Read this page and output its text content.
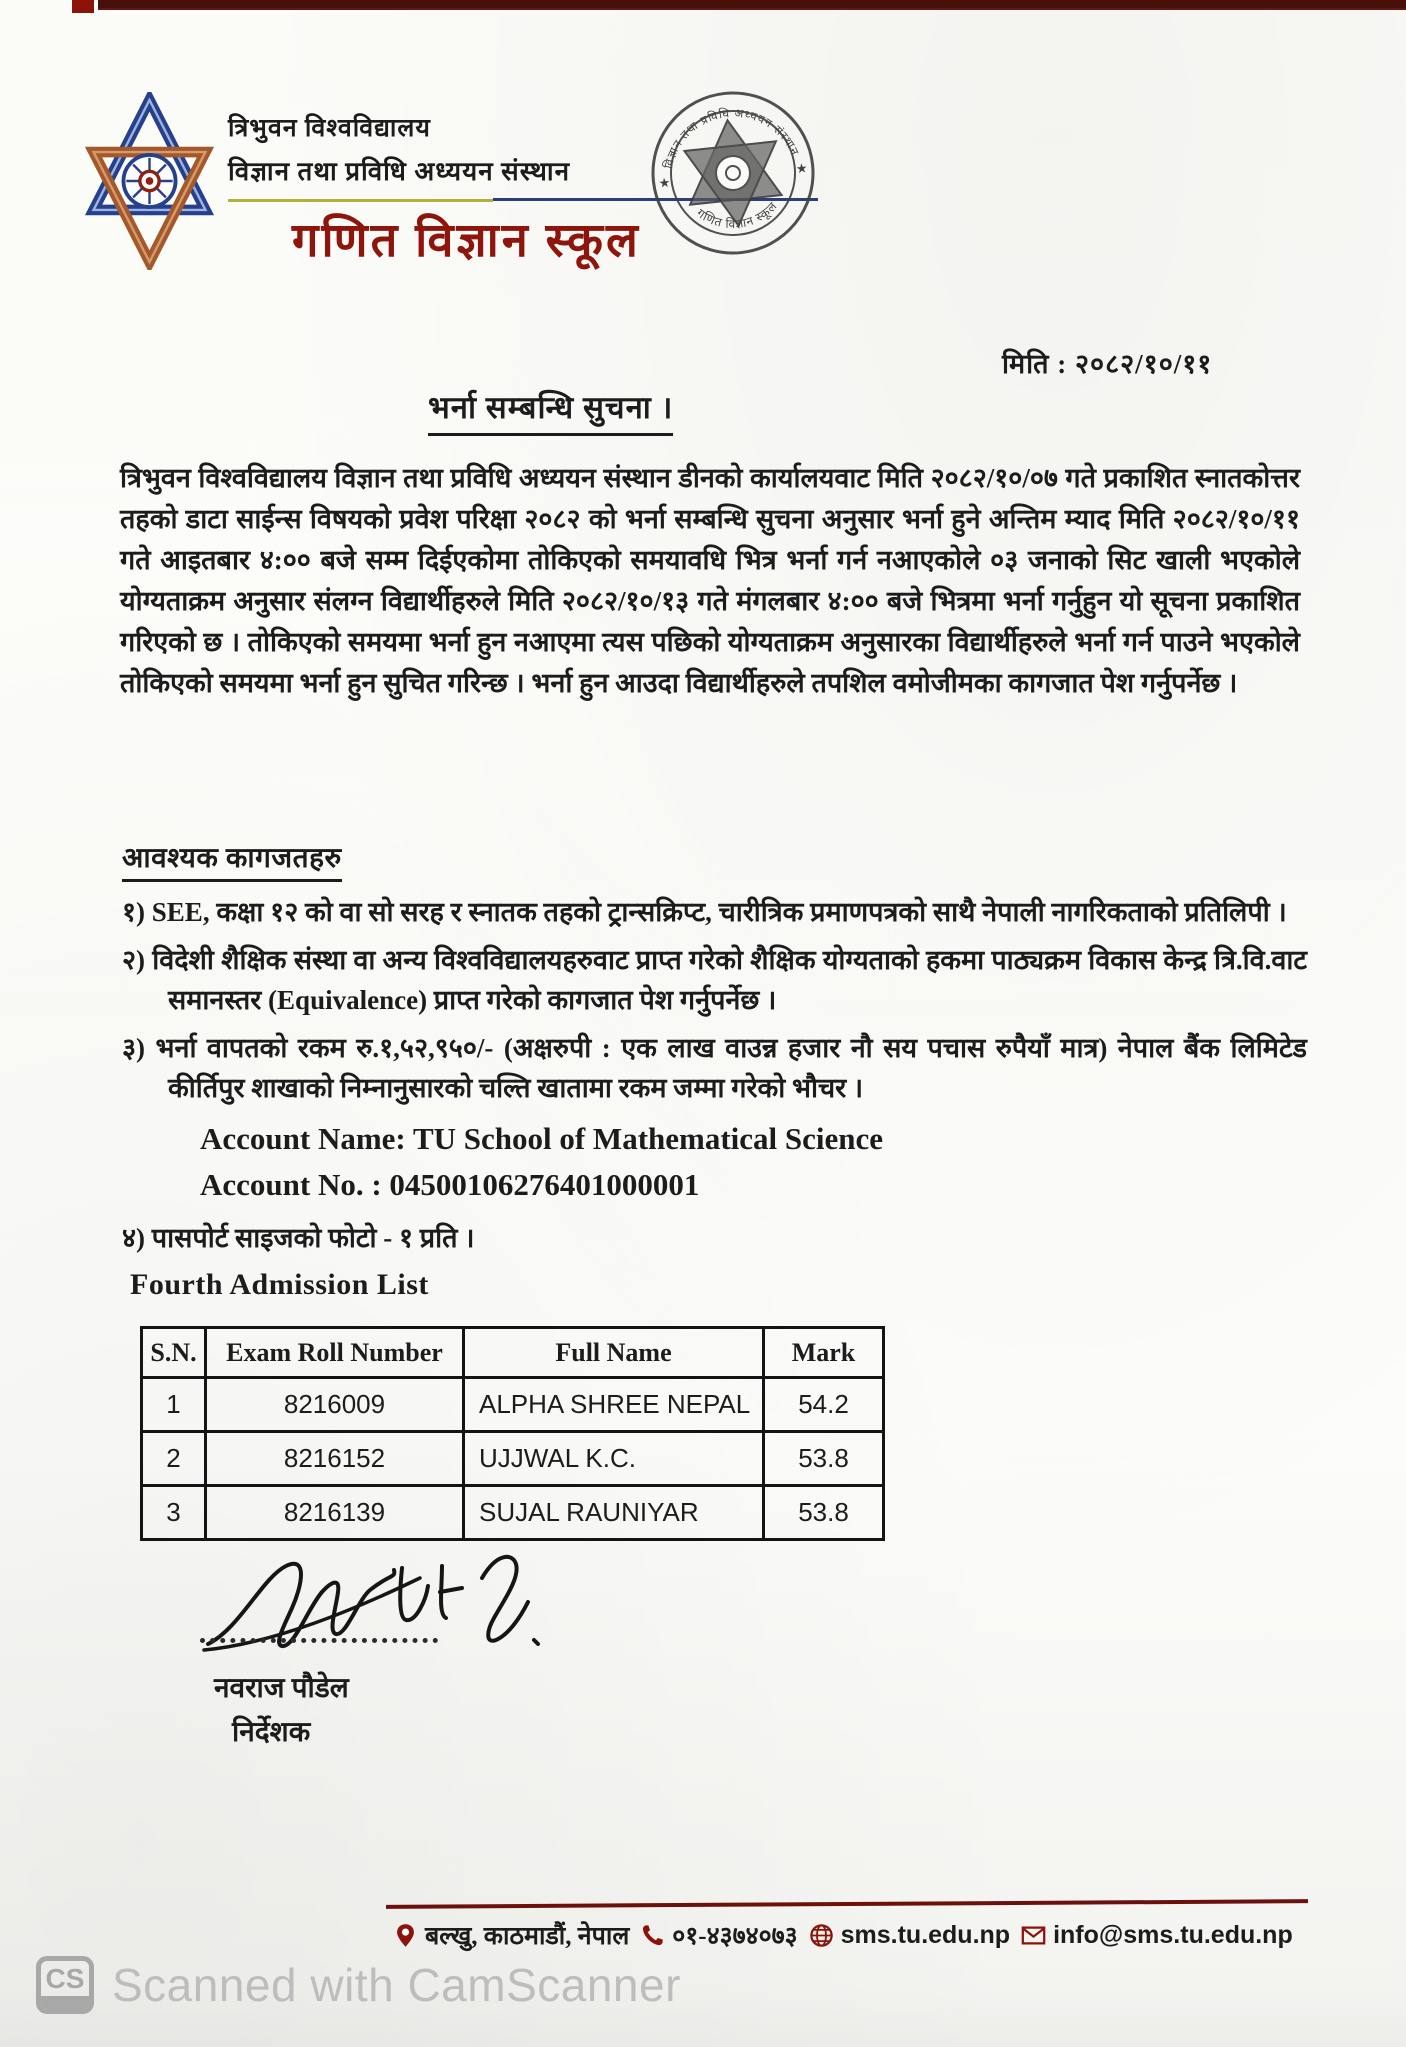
त्रिभुवन विश्वविद्यालय
विज्ञान तथा प्रविधि अध्ययन संस्थान
गणित विज्ञान स्कूल
विज्ञान तथा प्रविधि अध्ययन संस्थान
गणित विज्ञान स्कूल
★
★
मिति : २०८२/१०/११
भर्ना सम्बन्धि सुचना ।
त्रिभुवन विश्वविद्यालय विज्ञान तथा प्रविधि अध्ययन संस्थान डीनको कार्यालयवाट मिति २०८२/१०/०७ गते प्रकाशित स्नातकोत्तर तहको डाटा साईन्स विषयको प्रवेश परिक्षा २०८२ को भर्ना सम्बन्धि सुचना अनुसार भर्ना हुने अन्तिम म्याद मिति २०८२/१०/११ गते आइतबार ४:०० बजे सम्म दिईएकोमा तोकिएको समयावधि भित्र भर्ना गर्न नआएकोले ०३ जनाको सिट खाली भएकोले योग्यताक्रम अनुसार संलग्न विद्यार्थीहरुले मिति २०८२/१०/१३ गते मंगलबार ४:०० बजे भित्रमा भर्ना गर्नुहुन यो सूचना प्रकाशित गरिएको छ । तोकिएको समयमा भर्ना हुन नआएमा त्यस पछिको योग्यताक्रम अनुसारका विद्यार्थीहरुले भर्ना गर्न पाउने भएकोले तोकिएको समयमा भर्ना हुन सुचित गरिन्छ । भर्ना हुन आउदा विद्यार्थीहरुले तपशिल वमोजीमका कागजात पेश गर्नुपर्नेछ ।
आवश्यक कागजतहरु
१) SEE, कक्षा १२ को वा सो सरह र स्नातक तहको ट्रान्सक्रिप्ट, चारीत्रिक प्रमाणपत्रको साथै नेपाली नागरिकताको प्रतिलिपी ।
२) विदेशी शैक्षिक संस्था वा अन्य विश्वविद्यालयहरुवाट प्राप्त गरेको शैक्षिक योग्यताको हकमा पाठ्यक्रम विकास केन्द्र त्रि.वि.वाट समानस्तर (Equivalence) प्राप्त गरेको कागजात पेश गर्नुपर्नेछ ।
३) भर्ना वापतको रकम रु.१,५२,९५०/- (अक्षरुपी : एक लाख वाउन्न हजार नौ सय पचास रुपैयाँ मात्र) नेपाल बैंक लिमिटेड कीर्तिपुर शाखाको निम्नानुसारको चल्ति खातामा रकम जम्मा गरेको भौचर ।
Account Name: TU School of Mathematical Science
Account No. : 04500106276401000001
४) पासपोर्ट साइजको फोटो - १ प्रति ।
Fourth Admission List
S.N.	Exam Roll Number	Full Name	Mark
1	8216009	ALPHA SHREE NEPAL	54.2
2	8216152	UJJWAL K.C.	53.8
3	8216139	SUJAL RAUNIYAR	53.8
नवराज पौडेल
निर्देशक
बल्खु, काठमाडौं, नेपाल ०१-४३७४०७३ sms.tu.edu.np info@sms.tu.edu.np
CS Scanned with CamScanner
